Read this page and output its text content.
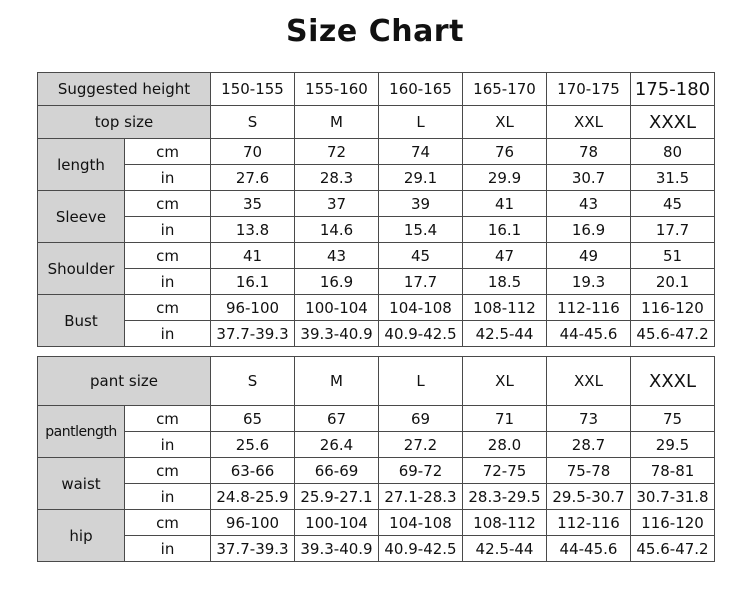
Size Chart
Suggested height		150-155	155-160	160-165	165-170	170-175	175-180
top size		S	M	L	XL	XXL	XXXL
length	cm	70	72	74	76	78	80
	in	27.6	28.3	29.1	29.9	30.7	31.5
Sleeve	cm	35	37	39	41	43	45
	in	13.8	14.6	15.4	16.1	16.9	17.7
Shoulder	cm	41	43	45	47	49	51
	in	16.1	16.9	17.7	18.5	19.3	20.1
Bust	cm	96-100	100-104	104-108	108-112	112-116	116-120
	in	37.7-39.3	39.3-40.9	40.9-42.5	42.5-44	44-45.6	45.6-47.2
pant size		S	M	L	XL	XXL	XXXL
pantlength	cm	65	67	69	71	73	75
	in	25.6	26.4	27.2	28.0	28.7	29.5
waist	cm	63-66	66-69	69-72	72-75	75-78	78-81
	in	24.8-25.9	25.9-27.1	27.1-28.3	28.3-29.5	29.5-30.7	30.7-31.8
hip	cm	96-100	100-104	104-108	108-112	112-116	116-120
	in	37.7-39.3	39.3-40.9	40.9-42.5	42.5-44	44-45.6	45.6-47.2
